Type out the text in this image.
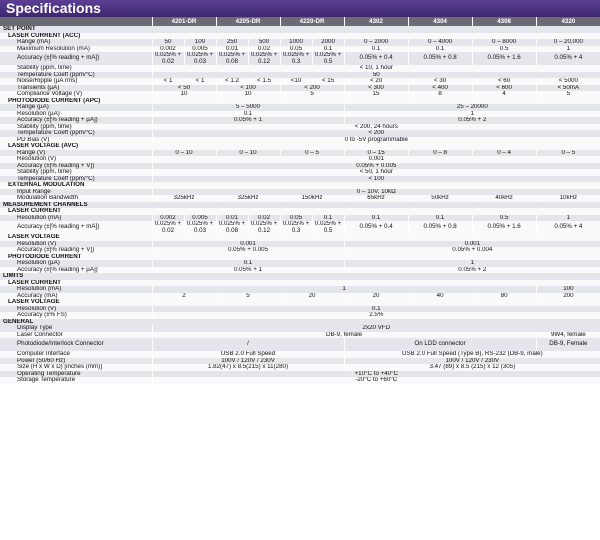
Specifications
	4201-DR		4205-DR		4220-DR		4302	4304	4308	4320
SET POINT										
LASER CURRENT (ACC)										
Range (mA)	50	100	250	500	1000	2000	0 – 2000	0 – 4000	0 – 8000	0 – 20,000
Maximum Resolution (mA)	0.002	0.005	0.01	0.02	0.05	0.1	0.1	0.1	0.5	1
Accuracy (±[% reading + mA])	0.025% + 0.02	0.025% + 0.03	0.025% + 0.08	0.025% + 0.12	0.025% + 0.3	0.025% + 0.5	0.05% + 0.4	0.05% + 0.8	0.05% + 1.6	0.05% + 4
Stability (ppm, time)	< 10, 1 hour									
Temperature Coeff (ppm/°C)	50									
Noise/Ripple (µA rms)	< 1	< 1	< 1.2	< 1.5	<10	< 15	< 20	< 30	< 60	< 5000
Transients (µA)	< 50		< 100		< 200		< 300	< 400	< 600	< 50mA
Compliance Voltage (V)	10		10		5		15	8	4	5
PHOTODIODE CURRENT (APC)										
Range (µA)	5 – 5000						25 – 20000			
Resolution (µA)	0.1						1			
Accuracy (±[% reading + µA])	0.05% + 1						0.05% + 2			
Stability (ppm, time)	< 200, 24 hours									
Temperature Coeff (ppm/°C)	< 200									
PD Bias (V)	0 to -5V programmable									
LASER VOLTAGE (AVC)										
Range (V)	0 – 10		0 – 10		0 – 5		0 – 15	0 – 8	0 – 4	0 – 5
Resolution (V)	0.001									
Accuracy (±[% reading + V])	0.05% + 0.005									
Stability (ppm, time)	< 50, 1 hour									
Temperature Coeff (ppm/°C)	< 100									
EXTERNAL MODULATION										
Input Range	0 – 10V, 10kΩ									
Modulation Bandwidth	325kHz		325kHz		150kHz		65kHz	50kHz	40kHz	10kHz
MEASUREMENT CHANNELS										
LASER CURRENT										
Resolution (mA)	0.002	0.005	0.01	0.02	0.05	0.1	0.1	0.1	0.5	1
Accuracy (±[% reading + mA])	0.025% + 0.02	0.025% + 0.03	0.025% + 0.08	0.025% + 0.12	0.025% + 0.3	0.025% + 0.5	0.05% + 0.4	0.05% + 0.8	0.05% + 1.6	0.05% + 4
LASER VOLTAGE										
Resolution (V)	0.001						0.001			
Accuracy (±[% reading + V])	0.05% + 0.005						0.05% + 0.004			
PHOTODIODE CURRENT										
Resolution (µA)	0.1						1			
Accuracy (±[% reading + µA])	0.05% + 1						0.05% + 2			
LIMITS										
LASER CURRENT										
Resolution (mA)	1									100
Accuracy (mA)	2		5		20		20	40	80	200
LASER VOLTAGE										
Resolution (V)	0.1									
Accuracy (±% FS)	2.5%									
GENERAL										
Display Type	2x20 VFD									
Laser Connector	DB-9, female									9W4, female
Photodiode/Interlock Connector	/						On LDD connector			DB-9, Female
Computer Interface	USB 2.0 Full Speed						USB 2.0 Full Speed (Type B), RS-232 (DB-9, male)			
Power (50/60 Hz)	100V / 120V / 230V						100V / 120V / 230V			
Size (H x W x D) [inches (mm)]	1.82(47) x 8.5(215) x 11(280)						3.47 (89) x 8.5 (215) x 12 (305)			
Operating Temperature	+10°C to +40°C									
Storage Temperature	-20°C to +60°C									
